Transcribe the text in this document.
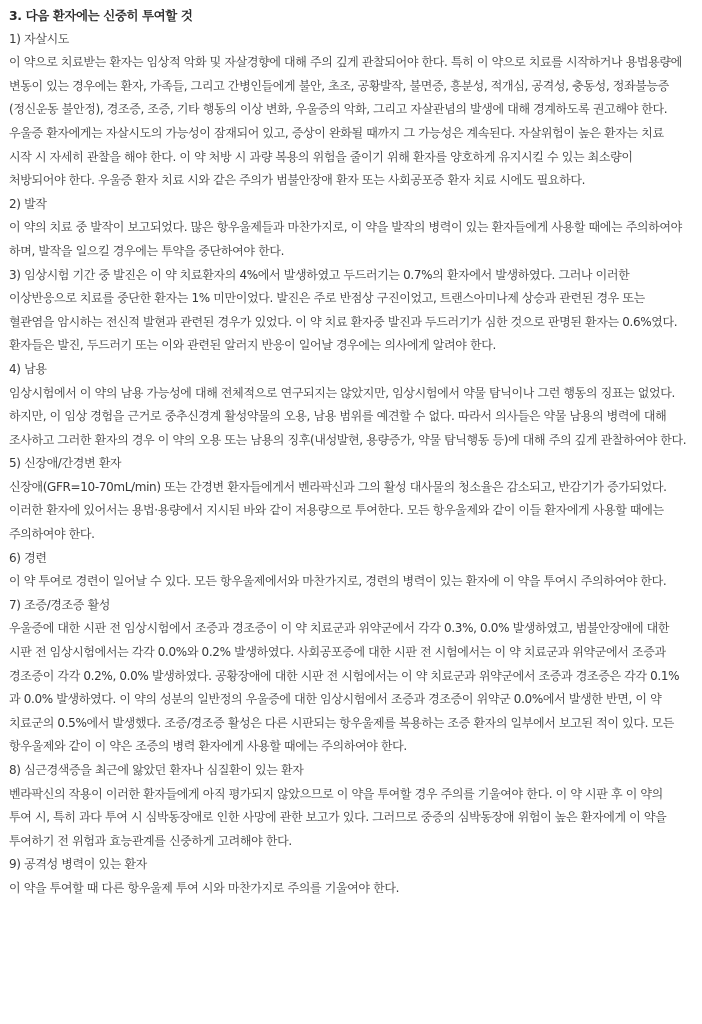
3. 다음 환자에는 신중히 투여할 것

1) 자살시도

이 약으로 치료받는 환자는 임상적 악화 및 자살경향에 대해 주의 깊게 관찰되어야 한다. 특히 이 약으로 치료를 시작하거나 용법용량에 변동이 있는 경우에는 환자, 가족들, 그리고 간병인들에게 불안, 초조, 공황발작, 불면증, 흥분성, 적개심, 공격성, 충동성, 정좌불능증(정신운동 불안정), 경조증, 조증, 기타 행동의 이상 변화, 우울증의 악화, 그리고 자살관념의 발생에 대해 경계하도록 권고해야 한다. 우울증 환자에게는 자살시도의 가능성이 잠재되어 있고, 증상이 완화될 때까지 그 가능성은 계속된다. 자살위험이 높은 환자는 치료 시작 시 자세히 관찰을 해야 한다. 이 약 처방 시 과량 복용의 위험을 줄이기 위해 환자를 양호하게 유지시킬 수 있는 최소량이 처방되어야 한다. 우울증 환자 치료 시와 같은 주의가 범불안장애 환자 또는 사회공포증 환자 치료 시에도 필요하다.

2) 발작

이 약의 치료 중 발작이 보고되었다. 많은 항우울제들과 마찬가지로, 이 약을 발작의 병력이 있는 환자들에게 사용할 때에는 주의하여야 하며, 발작을 일으킬 경우에는 투약을 중단하여야 한다.

3) 임상시험 기간 중 발진은 이 약 치료환자의 4%에서 발생하였고 두드러기는 0.7%의 환자에서 발생하였다. 그러나 이러한 이상반응으로 치료를 중단한 환자는 1% 미만이었다. 발진은 주로 반점상 구진이었고, 트랜스아미나제 상승과 관련된 경우 또는 혈관염을 암시하는 전신적 발현과 관련된 경우가 있었다. 이 약 치료 환자중 발진과 두드러기가 심한 것으로 판명된 환자는 0.6%였다. 환자들은 발진, 두드러기 또는 이와 관련된 알러지 반응이 일어날 경우에는 의사에게 알려야 한다.

4) 남용

임상시험에서 이 약의 남용 가능성에 대해 전체적으로 연구되지는 않았지만, 임상시험에서 약물 탐닉이나 그런 행동의 징표는 없었다. 하지만, 이 임상 경험을 근거로 중추신경계 활성약물의 오용, 남용 범위를 예견할 수 없다. 따라서 의사들은 약물 남용의 병력에 대해 조사하고 그러한 환자의 경우 이 약의 오용 또는 남용의 징후(내성발현, 용량증가, 약물 탐닉행동 등)에 대해 주의 깊게 관찰하여야 한다.

5) 신장애/간경변 환자

신장애(GFR=10-70mL/min) 또는 간경변 환자들에게서 벤라팍신과 그의 활성 대사물의 청소율은 감소되고, 반감기가 증가되었다. 이러한 환자에 있어서는 용법·용량에서 지시된 바와 같이 저용량으로 투여한다. 모든 항우울제와 같이 이들 환자에게 사용할 때에는 주의하여야 한다.

6) 경련

이 약 투여로 경련이 일어날 수 있다. 모든 항우울제에서와 마찬가지로, 경련의 병력이 있는 환자에 이 약을 투여시 주의하여야 한다.

7) 조증/경조증 활성

우울증에 대한 시판 전 임상시험에서 조증과 경조증이 이 약 치료군과 위약군에서 각각 0.3%, 0.0% 발생하였고, 범불안장애에 대한 시판 전 임상시험에서는 각각 0.0%와 0.2% 발생하였다. 사회공포증에 대한 시판 전 시험에서는 이 약 치료군과 위약군에서 조증과 경조증이 각각 0.2%, 0.0% 발생하였다. 공황장애에 대한 시판 전 시험에서는 이 약 치료군과 위약군에서 조증과 경조증은 각각 0.1%과 0.0% 발생하였다. 이 약의 성분의 일반정의 우울증에 대한 임상시험에서 조증과 경조증이 위약군 0.0%에서 발생한 반면, 이 약 치료군의 0.5%에서 발생했다. 조증/경조증 활성은 다른 시판되는 항우울제를 복용하는 조증 환자의 일부에서 보고된 적이 있다. 모든 항우울제와 같이 이 약은 조증의 병력 환자에게 사용할 때에는 주의하여야 한다.

8) 심근경색증을 최근에 앓았던 환자나 심질환이 있는 환자

벤라팍신의 작용이 이러한 환자들에게 아직 평가되지 않았으므로 이 약을 투여할 경우 주의를 기울여야 한다. 이 약 시판 후 이 약의 투여 시, 특히 과다 투여 시 심박동장애로 인한 사망에 관한 보고가 있다. 그러므로 중증의 심박동장애 위험이 높은 환자에게 이 약을 투여하기 전 위험과 효능관계를 신중하게 고려해야 한다.

9) 공격성 병력이 있는 환자

이 약을 투여할 때 다른 항우울제 투여 시와 마찬가지로 주의를 기울여야 한다.
